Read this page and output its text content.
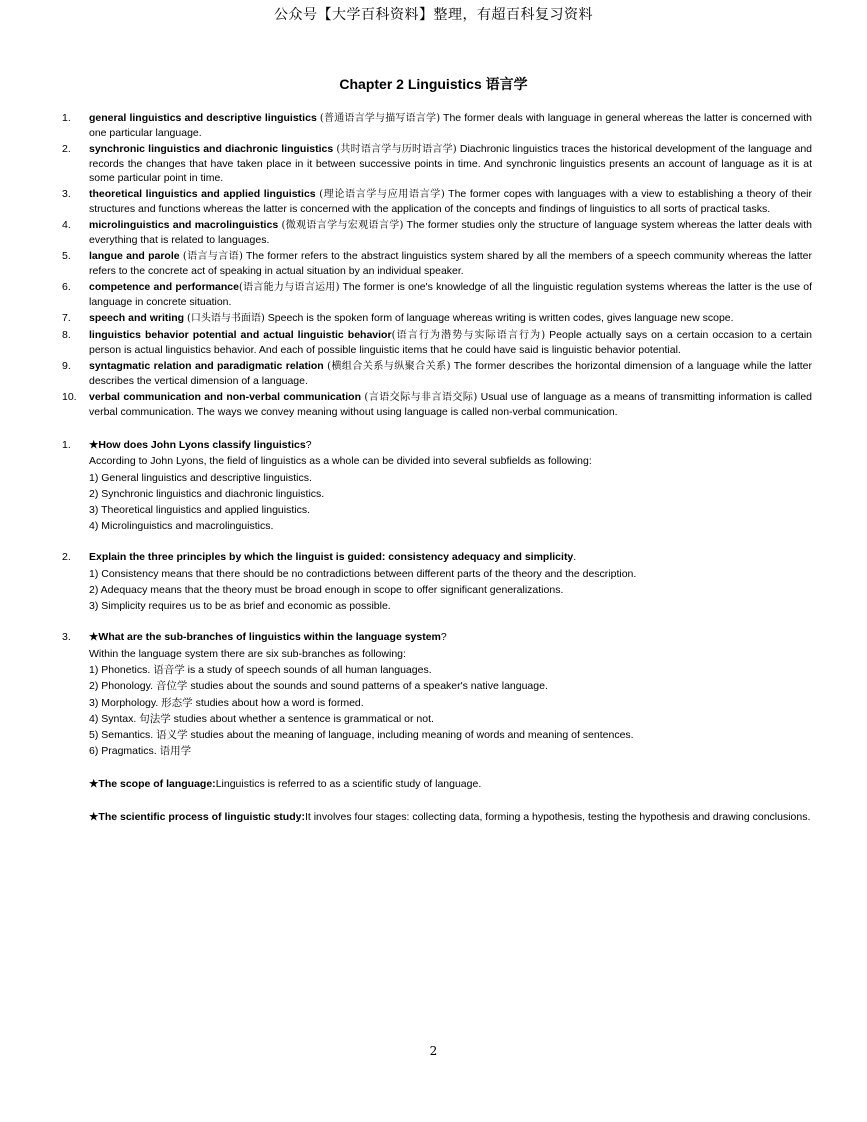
公众号【大学百科资料】整理，有超百科复习资料
Chapter 2 Linguistics 语言学
1.	general linguistics and descriptive linguistics (普通语言学与描写语言学) The former deals with language in general whereas the latter is concerned with one particular language.
2.	synchronic linguistics and diachronic linguistics (共时语言学与历时语言学) Diachronic linguistics traces the historical development of the language and records the changes that have taken place in it between successive points in time. And synchronic linguistics presents an account of language as it is at some particular point in time.
3.	theoretical linguistics and applied linguistics (理论语言学与应用语言学) The former copes with languages with a view to establishing a theory of their structures and functions whereas the latter is concerned with the application of the concepts and findings of linguistics to all sorts of practical tasks.
4.	microlinguistics and macrolinguistics (微观语言学与宏观语言学) The former studies only the structure of language system whereas the latter deals with everything that is related to languages.
5.	langue and parole (语言与言语) The former refers to the abstract linguistics system shared by all the members of a speech community whereas the latter refers to the concrete act of speaking in actual situation by an individual speaker.
6.	competence and performance(语言能力与语言运用) The former is one's knowledge of all the linguistic regulation systems whereas the latter is the use of language in concrete situation.
7.	speech and writing (口头语与书面语) Speech is the spoken form of language whereas writing is written codes, gives language new scope.
8.	linguistics behavior potential and actual linguistic behavior(语言行为潜势与实际语言行为) People actually says on a certain occasion to a certain person is actual linguistics behavior. And each of possible linguistic items that he could have said is linguistic behavior potential.
9.	syntagmatic relation and paradigmatic relation (横组合关系与纵聚合关系) The former describes the horizontal dimension of a language while the latter describes the vertical dimension of a language.
10.	verbal communication and non-verbal communication (言语交际与非言语交际) Usual use of language as a means of transmitting information is called verbal communication. The ways we convey meaning without using language is called non-verbal communication.
1.	★How does John Lyons classify linguistics?
According to John Lyons, the field of linguistics as a whole can be divided into several subfields as following:
1) General linguistics and descriptive linguistics.
2) Synchronic linguistics and diachronic linguistics.
3) Theoretical linguistics and applied linguistics.
4) Microlinguistics and macrolinguistics.
2.	Explain the three principles by which the linguist is guided: consistency adequacy and simplicity.
1) Consistency means that there should be no contradictions between different parts of the theory and the description.
2) Adequacy means that the theory must be broad enough in scope to offer significant generalizations.
3) Simplicity requires us to be as brief and economic as possible.
3.	★What are the sub-branches of linguistics within the language system?
Within the language system there are six sub-branches as following:
1) Phonetics. 语音学 is a study of speech sounds of all human languages.
2) Phonology. 音位学 studies about the sounds and sound patterns of a speaker's native language.
3) Morphology. 形态学 studies about how a word is formed.
4) Syntax. 句法学 studies about whether a sentence is grammatical or not.
5) Semantics. 语义学 studies about the meaning of language, including meaning of words and meaning of sentences.
6) Pragmatics. 语用学
★The scope of language:Linguistics is referred to as a scientific study of language.
★The scientific process of linguistic study:It involves four stages: collecting data, forming a hypothesis, testing the hypothesis and drawing conclusions.
2
